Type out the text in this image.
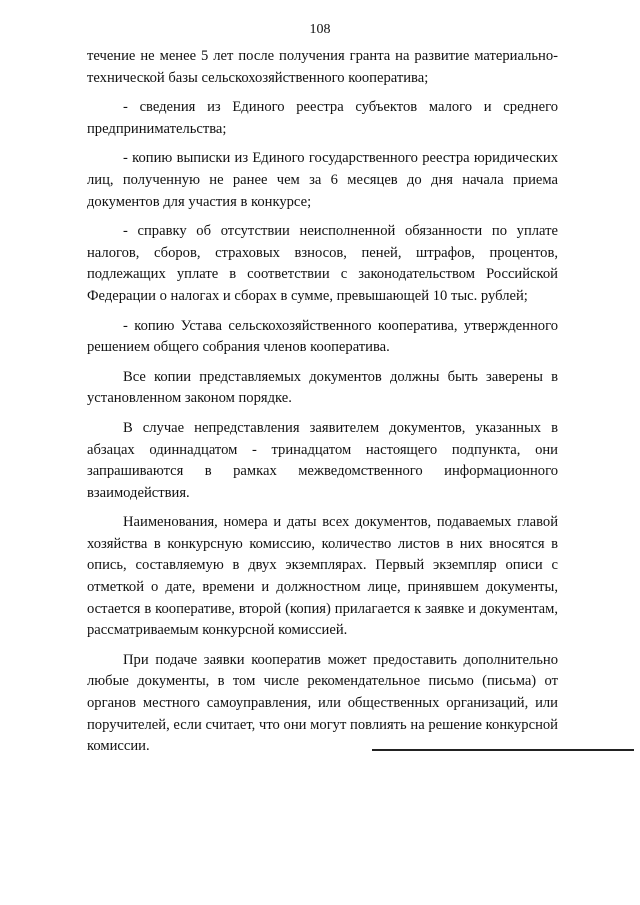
108

течение не менее 5 лет после получения гранта на развитие материально-технической базы сельскохозяйственного кооператива;

- сведения из Единого реестра субъектов малого и среднего предпринимательства;

- копию выписки из Единого государственного реестра юридических лиц, полученную не ранее чем за 6 месяцев до дня начала приема документов для участия в конкурсе;

- справку об отсутствии неисполненной обязанности по уплате налогов, сборов, страховых взносов, пеней, штрафов, процентов, подлежащих уплате в соответствии с законодательством Российской Федерации о налогах и сборах в сумме, превышающей 10 тыс. рублей;

- копию Устава сельскохозяйственного кооператива, утвержденного решением общего собрания членов кооператива.

Все копии представляемых документов должны быть заверены в установленном законом порядке.

В случае непредставления заявителем документов, указанных в абзацах одиннадцатом - тринадцатом настоящего подпункта, они запрашиваются в рамках межведомственного информационного взаимодействия.

Наименования, номера и даты всех документов, подаваемых главой хозяйства в конкурсную комиссию, количество листов в них вносятся в опись, составляемую в двух экземплярах. Первый экземпляр описи с отметкой о дате, времени и должностном лице, принявшем документы, остается в кооперативе, второй (копия) прилагается к заявке и документам, рассматриваемым конкурсной комиссией.

При подаче заявки кооператив может предоставить дополнительно любые документы, в том числе рекомендательное письмо (письма) от органов местного самоуправления, или общественных организаций, или поручителей, если считает, что они могут повлиять на решение конкурсной комиссии.
